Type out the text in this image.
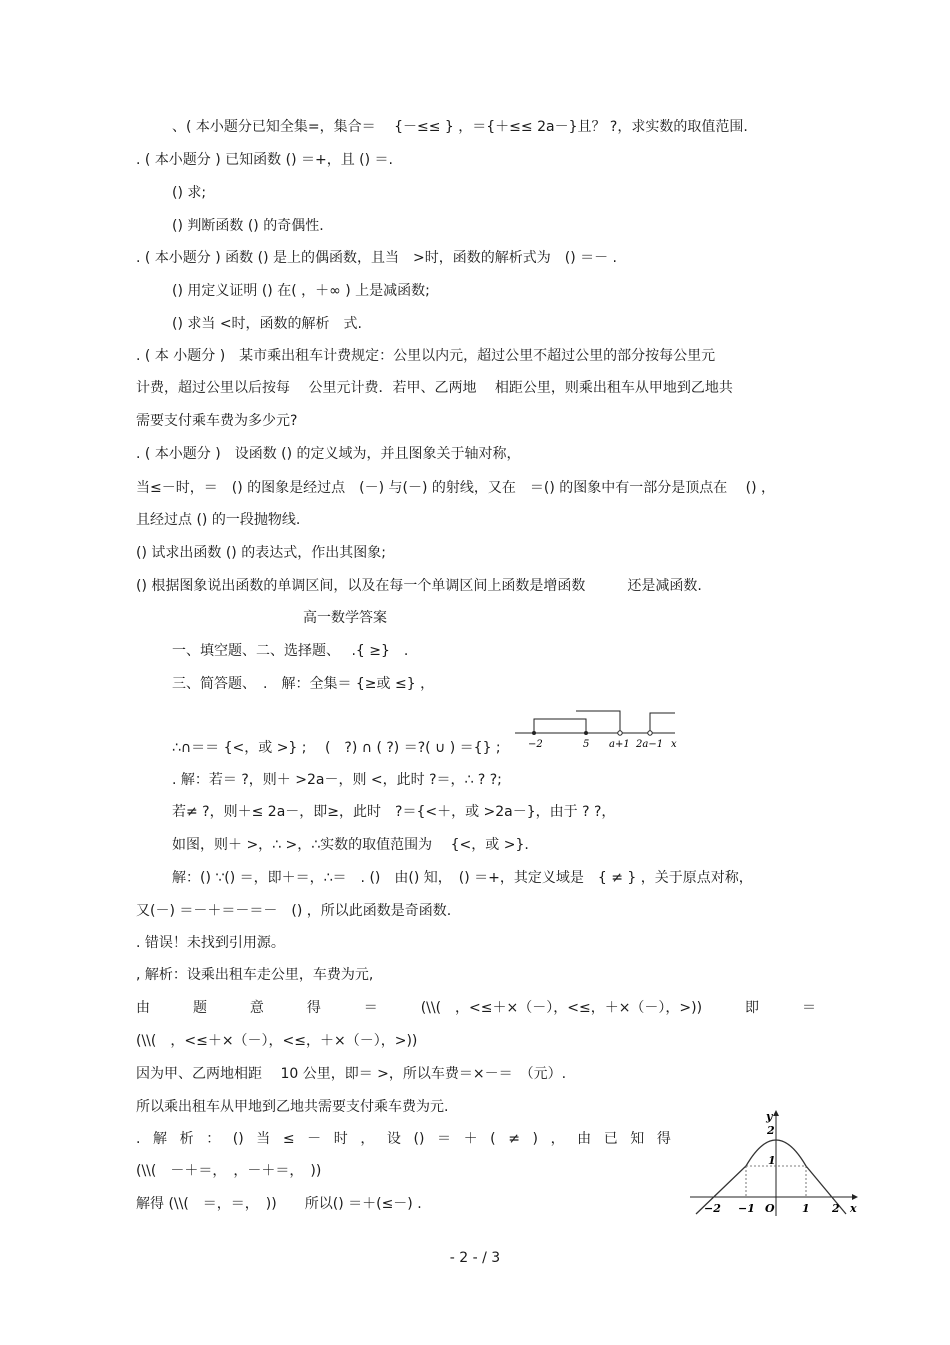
、( 本小题分已知全集=，集合＝　 {－≤≤ } ，＝{＋≤≤ 2a－}且？ ?，求实数的取值范围.
. ( 本小题分 ) 已知函数 () ＝+，且 () ＝.
() 求;
() 判断函数 () 的奇偶性.
. ( 本小题分 ) 函数 () 是上的偶函数，且当　>时，函数的解析式为　() ＝－ .
() 用定义证明 () 在( ，＋∞ ) 上是减函数;
() 求当 <时，函数的解析　式.
. ( 本 小题分 )　某市乘出租车计费规定：公里以内元，超过公里不超过公里的部分按每公里元
计费，超过公里以后按每　 公里元计费．若甲、乙两地　 相距公里，则乘出租车从甲地到乙地共
需要支付乘车费为多少元?
. ( 本小题分 )　设函数 () 的定义域为，并且图象关于轴对称，
当≤－时，＝　() 的图象是经过点　(－) 与(－) 的射线，又在　＝() 的图象中有一部分是顶点在　 () ，
且经过点 () 的一段抛物线.
() 试求出函数 () 的表达式，作出其图象;
() 根据图象说出函数的单调区间，以及在每一个单调区间上函数是增函数　　　还是减函数.
高一数学答案
一、填空题、二、选择题、　 .{ ≥}　.
三、简答题、　.　解：全集＝ {≥或 ≤} ，
∴∩＝＝ {<，或 >} ;　 (　?) ∩ ( ?) ＝?( ∪ ) ＝{} ;
. 解：若＝ ?，则＋ >2a－，则 <，此时 ?＝，∴ ? ?;
若≠ ?，则＋≤ 2a－，即≥，此时　?＝{<＋，或 >2a－}，由于 ? ?，
如图，则＋ >，∴ >，∴实数的取值范围为　 {<，或 >}.
解：() ∵() ＝，即＋＝，∴＝　. ()　由() 知，　() ＝+，其定义域是　{ ≠ } ，关于原点对称，
又(－) ＝－＋＝－＝－　() ，所以此函数是奇函数.
. 错误！未找到引用源。
, 解析：设乘出租车走公里，车费为元,
由	题	意	得	＝	(\\(　，<≤＋×（－），<≤，＋×（－），>))	即	＝
(\\(　，<≤＋×（－），<≤，＋×（－），>))
因为甲、乙两地相距　 10 公里，即＝ >，所以车费＝×－＝　（元）.
所以乘出租车从甲地到乙地共需要支付乘车费为元.
. 解 析 ： () 当 ≤ － 时 ， 设 () ＝ ＋ ( ≠ ) ， 由 已 知 得
(\\(　－＋＝，　，－＋＝，　))
解得 (\\(　＝，＝，　))　　所以() ＝＋(≤－) .
−2	5 a+1 2a−1 x
y
2
1
−2 −1 O 1 2 x
- 2 - / 3
